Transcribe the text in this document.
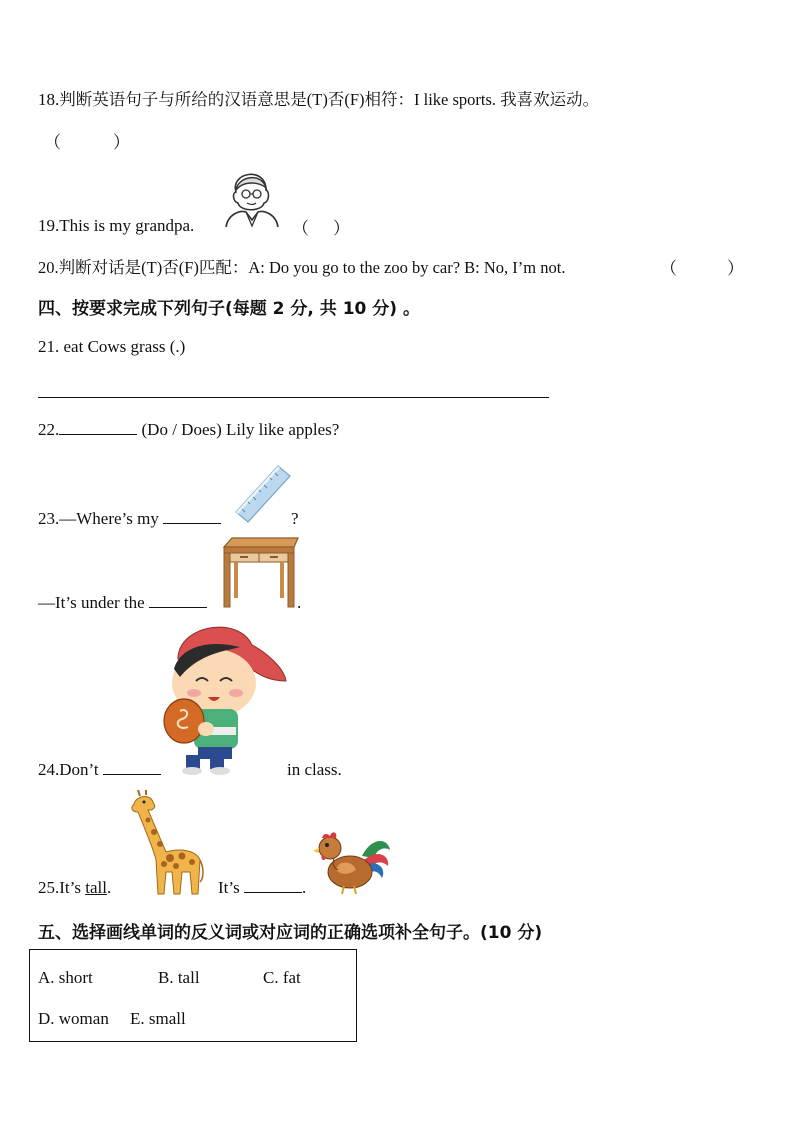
18.判断英语句子与所给的汉语意思是(T)否(F)相符：I like sports. 我喜欢运动。
（	）
19.This is my grandpa.	（ ）
20.判断对话是(T)否(F)匹配：A: Do you go to the zoo by car? B: No, I’m not.	（	）
四、按要求完成下列句子(每题 2 分, 共 10 分) 。
21. eat Cows grass (.)
22.	(Do / Does) Lily like apples?
23.—Where’s my	?
—It’s under the	.
24.Don’t	in class.
25.It’s tall.	It’s	.
五、选择画线单词的反义词或对应词的正确选项补全句子。(10 分)
A. short	B. tall	C. fat
D. woman E. small
